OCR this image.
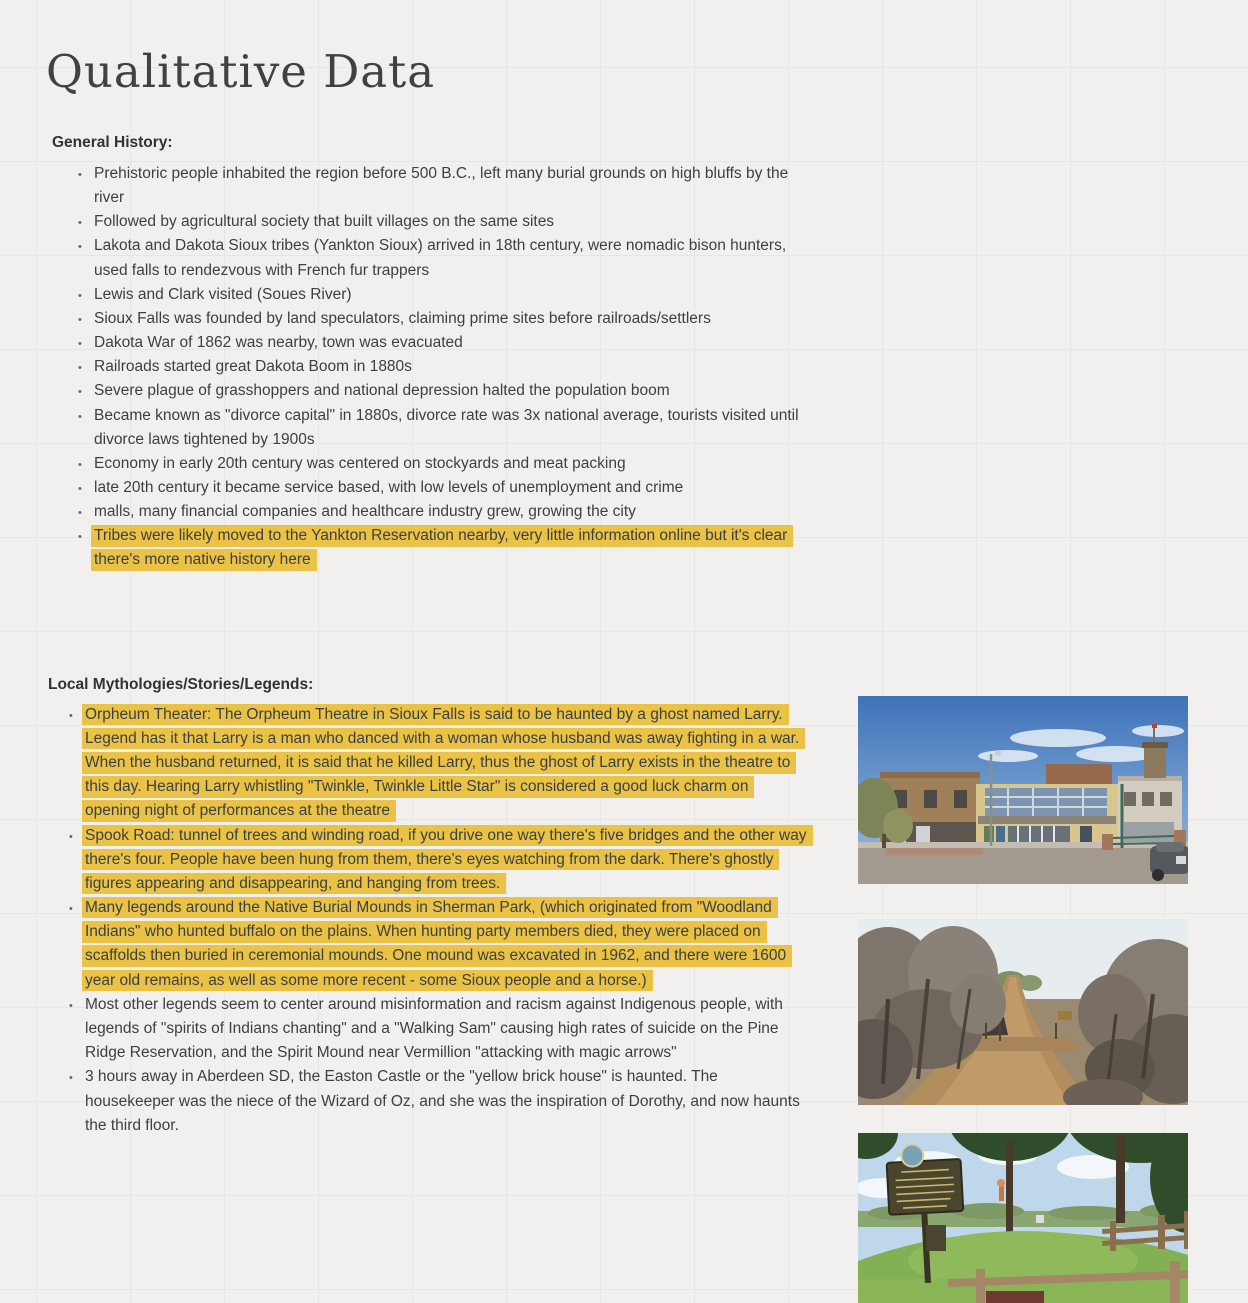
Qualitative Data
General History:
• Prehistoric people inhabited the region before 500 B.C., left many burial grounds on high bluffs by the river
• Followed by agricultural society that built villages on the same sites
• Lakota and Dakota Sioux tribes (Yankton Sioux) arrived in 18th century, were nomadic bison hunters, used falls to rendezvous with French fur trappers
• Lewis and Clark visited (Soues River)
• Sioux Falls was founded by land speculators, claiming prime sites before railroads/settlers
• Dakota War of 1862 was nearby, town was evacuated
• Railroads started great Dakota Boom in 1880s
• Severe plague of grasshoppers and national depression halted the population boom
• Became known as "divorce capital" in 1880s, divorce rate was 3x national average, tourists visited until divorce laws tightened by 1900s
• Economy in early 20th century was centered on stockyards and meat packing
• late 20th century it became service based, with low levels of unemployment and crime
• malls, many financial companies and healthcare industry grew, growing the city
• Tribes were likely moved to the Yankton Reservation nearby, very little information online but it's clear there's more native history here
Local Mythologies/Stories/Legends:
• Orpheum Theater: The Orpheum Theatre in Sioux Falls is said to be haunted by a ghost named Larry. Legend has it that Larry is a man who danced with a woman whose husband was away fighting in a war. When the husband returned, it is said that he killed Larry, thus the ghost of Larry exists in the theatre to this day. Hearing Larry whistling "Twinkle, Twinkle Little Star" is considered a good luck charm on opening night of performances at the theatre
• Spook Road: tunnel of trees and winding road, if you drive one way there's five bridges and the other way there's four. People have been hung from them, there's eyes watching from the dark. There's ghostly figures appearing and disappearing, and hanging from trees.
• Many legends around the Native Burial Mounds in Sherman Park, (which originated from "Woodland Indians" who hunted buffalo on the plains. When hunting party members died, they were placed on scaffolds then buried in ceremonial mounds. One mound was excavated in 1962, and there were 1600 year old remains, as well as some more recent - some Sioux people and a horse.)
• Most other legends seem to center around misinformation and racism against Indigenous people, with legends of "spirits of Indians chanting" and a "Walking Sam" causing high rates of suicide on the Pine Ridge Reservation, and the Spirit Mound near Vermillion "attacking with magic arrows"
• 3 hours away in Aberdeen SD, the Easton Castle or the "yellow brick house" is haunted. The housekeeper was the niece of the Wizard of Oz, and she was the inspiration of Dorothy, and now haunts the third floor.
